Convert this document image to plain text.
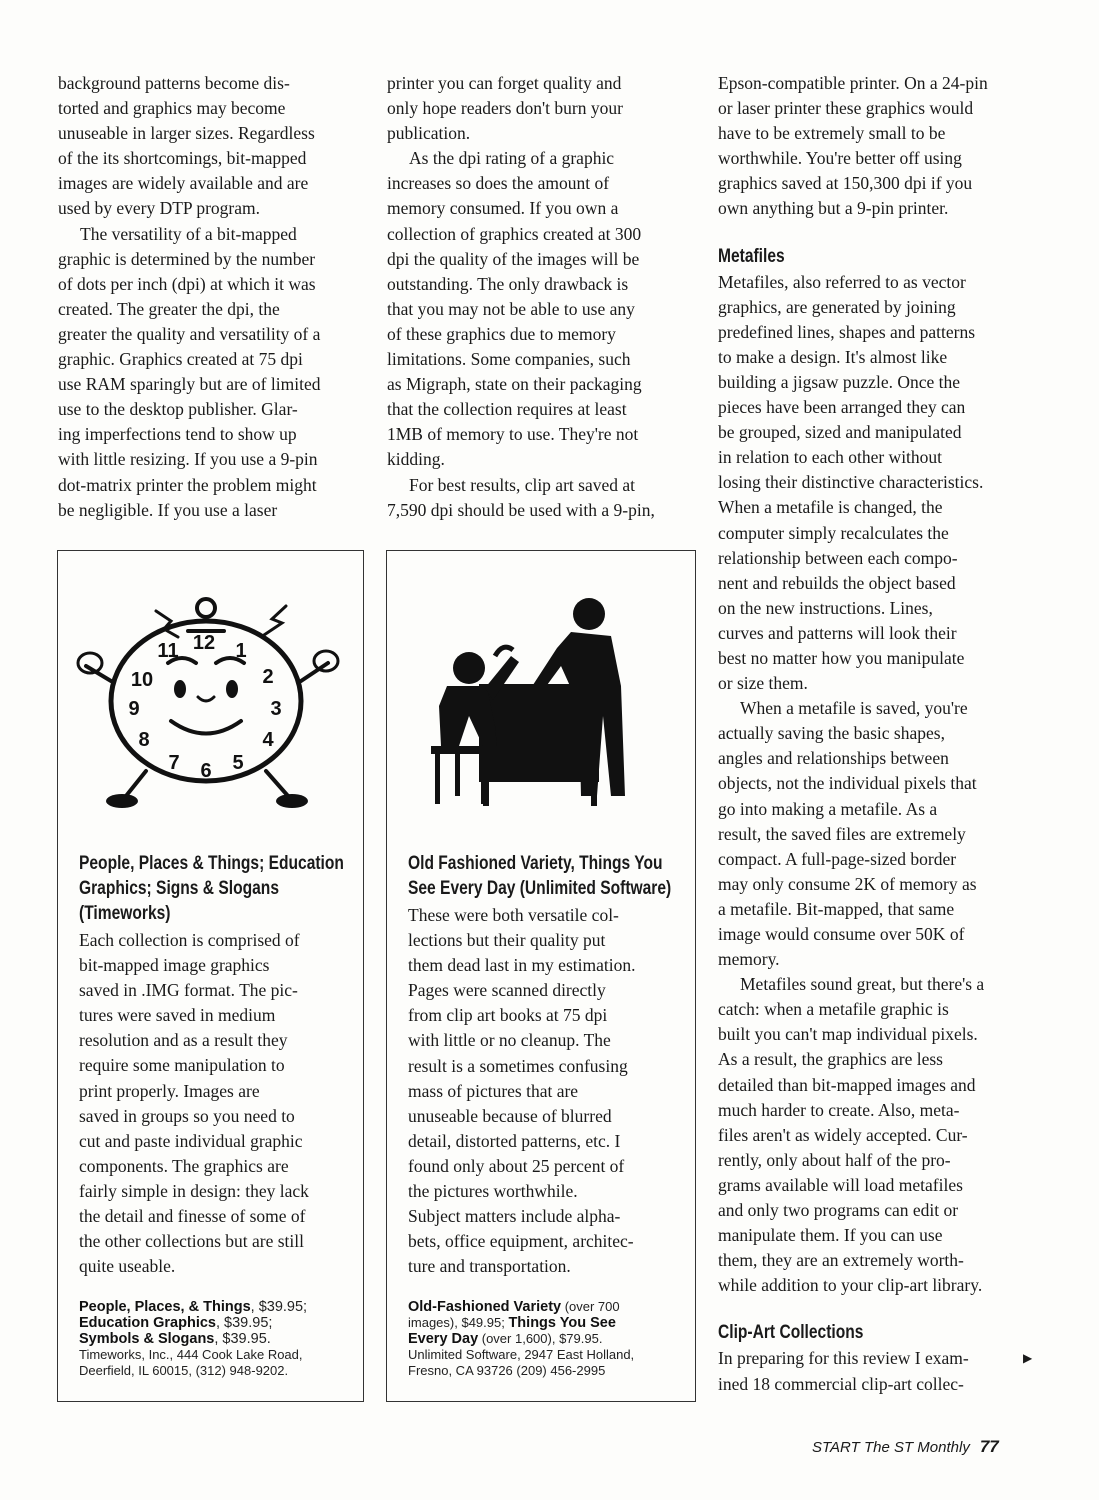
background patterns become dis-
torted and graphics may become
unuseable in larger sizes. Regardless
of the its shortcomings, bit-mapped
images are widely available and are
used by every DTP program.

The versatility of a bit-mapped
graphic is determined by the number
of dots per inch (dpi) at which it was
created. The greater the dpi, the
greater the quality and versatility of a
graphic. Graphics created at 75 dpi
use RAM sparingly but are of limited
use to the desktop publisher. Glar-
ing imperfections tend to show up
with little resizing. If you use a 9-pin
dot-matrix printer the problem might
be negligible. If you use a laser

printer you can forget quality and
only hope readers don't burn your
publication.

As the dpi rating of a graphic
increases so does the amount of
memory consumed. If you own a
collection of graphics created at 300
dpi the quality of the images will be
outstanding. The only drawback is
that you may not be able to use any
of these graphics due to memory
limitations. Some companies, such
as Migraph, state on their packaging
that the collection requires at least
1MB of memory to use. They're not
kidding.

For best results, clip art saved at
7,590 dpi should be used with a 9-pin,

Epson-compatible printer. On a 24-pin
or laser printer these graphics would
have to be extremely small to be
worthwhile. You're better off using
graphics saved at 150,300 dpi if you
own anything but a 9-pin printer.

Metafiles

Metafiles, also referred to as vector
graphics, are generated by joining
predefined lines, shapes and patterns
to make a design. It's almost like
building a jigsaw puzzle. Once the
pieces have been arranged they can
be grouped, sized and manipulated
in relation to each other without
losing their distinctive characteristics.
When a metafile is changed, the
computer simply recalculates the
relationship between each compo-
nent and rebuilds the object based
on the new instructions. Lines,
curves and patterns will look their
best no matter how you manipulate
or size them.

When a metafile is saved, you're
actually saving the basic shapes,
angles and relationships between
objects, not the individual pixels that
go into making a metafile. As a
result, the saved files are extremely
compact. A full-page-sized border
may only consume 2K of memory as
a metafile. Bit-mapped, that same
image would consume over 50K of
memory.

Metafiles sound great, but there's a
catch: when a metafile graphic is
built you can't map individual pixels.
As a result, the graphics are less
detailed than bit-mapped images and
much harder to create. Also, meta-
files aren't as widely accepted. Cur-
rently, only about half of the pro-
grams available will load metafiles
and only two programs can edit or
manipulate them. If you can use
them, they are an extremely worth-
while addition to your clip-art library.

Clip-Art Collections

In preparing for this review I exam-
ined 18 commercial clip-art collec-

▶
12 1
2
3
4
5
6
7
8
9
10
11
People, Places & Things; Education
Graphics; Signs & Slogans
(Timeworks)

Each collection is comprised of
bit-mapped image graphics
saved in .IMG format. The pic-
tures were saved in medium
resolution and as a result they
require some manipulation to
print properly. Images are
saved in groups so you need to
cut and paste individual graphic
components. The graphics are
fairly simple in design: they lack
the detail and finesse of some of
the other collections but are still
quite useable.

People, Places, & Things, $39.95;
Education Graphics, $39.95;
Symbols & Slogans, $39.95.
Timeworks, Inc., 444 Cook Lake Road,
Deerfield, IL 60015, (312) 948-9202.
Old Fashioned Variety, Things You
See Every Day (Unlimited Software)

These were both versatile col-
lections but their quality put
them dead last in my estimation.
Pages were scanned directly
from clip art books at 75 dpi
with little or no cleanup. The
result is a sometimes confusing
mass of pictures that are
unuseable because of blurred
detail, distorted patterns, etc. I
found only about 25 percent of
the pictures worthwhile.
Subject matters include alpha-
bets, office equipment, architec-
ture and transportation.

Old-Fashioned Variety (over 700
images), $49.95; Things You See
Every Day (over 1,600), $79.95.
Unlimited Software, 2947 East Holland,
Fresno, CA 93726 (209) 456-2995
START The ST Monthly 77
